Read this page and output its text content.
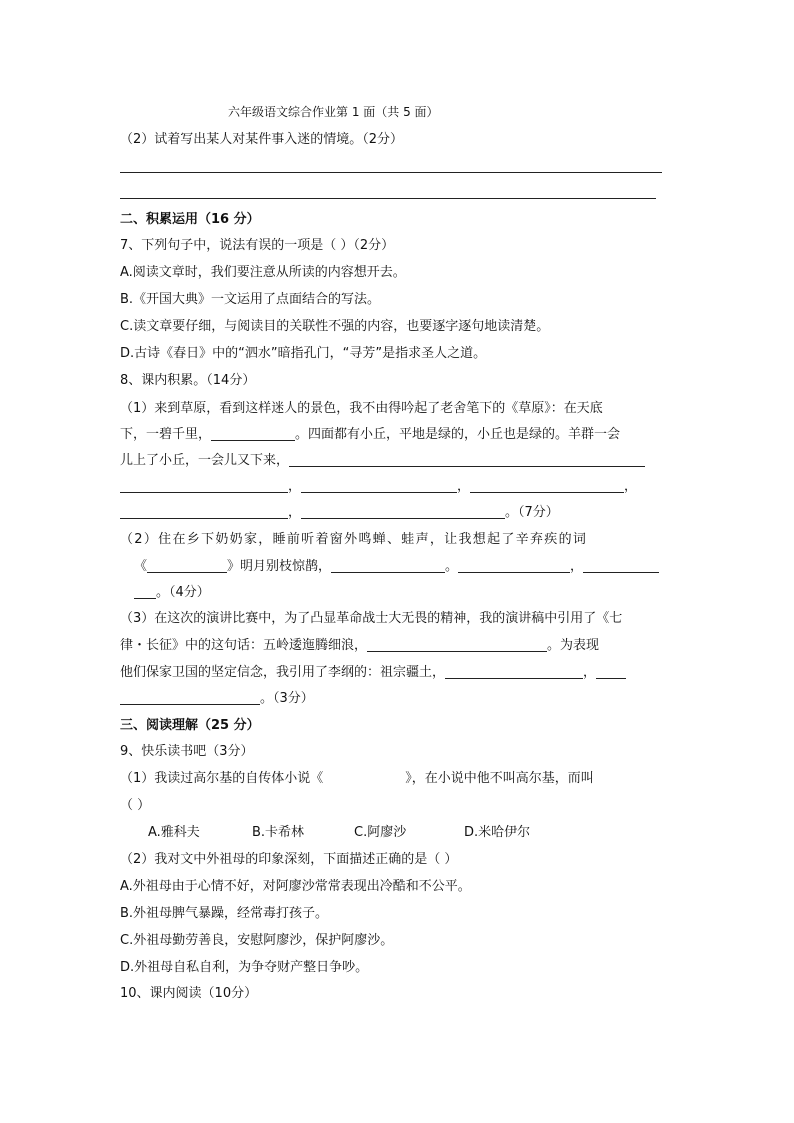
六年级语文综合作业第 1 面（共 5 面）
（2）试着写出某人对某件事入迷的情境。（2分）
二、积累运用（16 分）
7、下列句子中，说法有误的一项是（ ）（2分）
A.阅读文章时，我们要注意从所读的内容想开去。
B.《开国大典》一文运用了点面结合的写法。
C.读文章要仔细，与阅读目的关联性不强的内容，也要逐字逐句地读清楚。
D.古诗《春日》中的“泗水”暗指孔门，“寻芳”是指求圣人之道。
8、课内积累。（14分）
（1）来到草原，看到这样迷人的景色，我不由得吟起了老舍笔下的《草原》：在天底
下，一碧千里，	。四面都有小丘，平地是绿的，小丘也是绿的。羊群一会
儿上了小丘，一会儿又下来，
，	，	，
，	。（7分）
（2）住在乡下奶奶家，睡前听着窗外鸣蝉、蛙声，让我想起了辛弃疾的词
《	》明月别枝惊鹊，	。	，
。（4分）
（3）在这次的演讲比赛中，为了凸显革命战士大无畏的精神，我的演讲稿中引用了《七
律・长征》中的这句话：五岭逶迤腾细浪，	。为表现
他们保家卫国的坚定信念，我引用了李纲的：祖宗疆土，	，
。（3分）
三、阅读理解（25 分）
9、快乐读书吧（3分）
（1）我读过高尔基的自传体小说《	》，在小说中他不叫高尔基，而叫
（ ）
A.雅科夫	B.卡希林	C.阿廖沙	D.米哈伊尔
（2）我对文中外祖母的印象深刻，下面描述正确的是（ ）
A.外祖母由于心情不好，对阿廖沙常常表现出冷酷和不公平。
B.外祖母脾气暴躁，经常毒打孩子。
C.外祖母勤劳善良，安慰阿廖沙，保护阿廖沙。
D.外祖母自私自利，为争夺财产整日争吵。
10、课内阅读（10分）
